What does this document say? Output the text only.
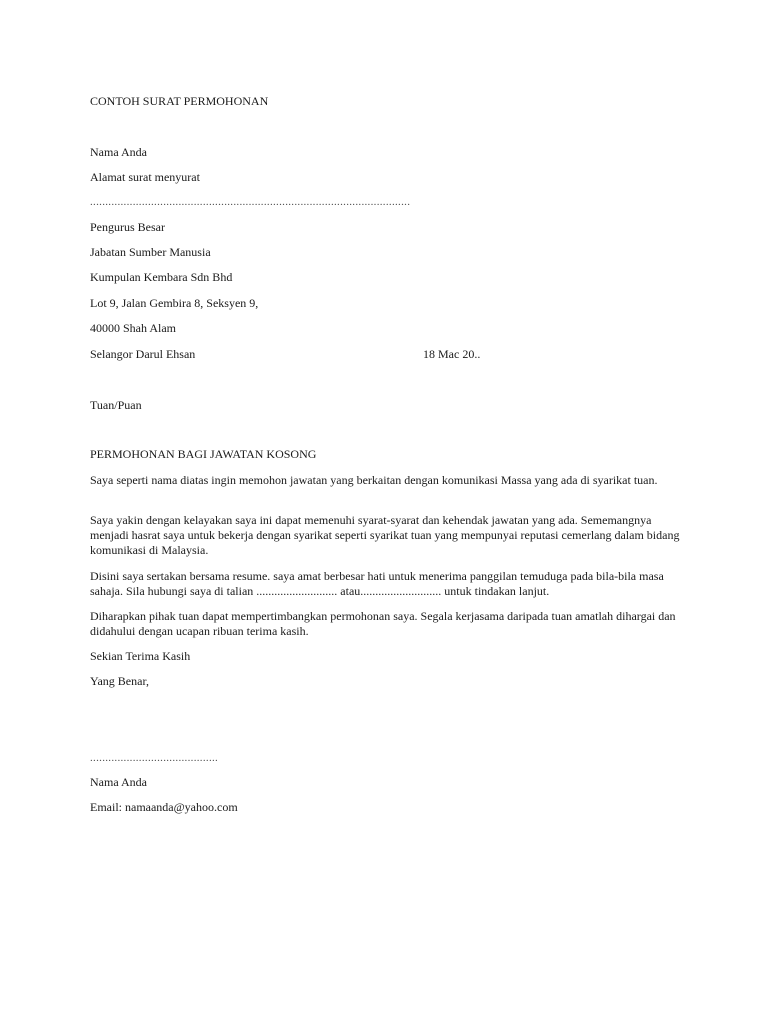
CONTOH SURAT PERMOHONAN
Nama Anda
Alamat surat menyurat
.........................................................................................................
Pengurus Besar
Jabatan Sumber Manusia
Kumpulan Kembara Sdn Bhd
Lot 9, Jalan Gembira 8, Seksyen 9,
40000 Shah Alam
Selangor Darul Ehsan	18 Mac 20..
Tuan/Puan
PERMOHONAN BAGI JAWATAN KOSONG
Saya seperti nama diatas ingin memohon jawatan yang berkaitan dengan komunikasi Massa yang ada di syarikat tuan.
Saya yakin dengan kelayakan saya ini dapat memenuhi syarat-syarat dan kehendak jawatan yang ada. Sememangnya menjadi hasrat saya untuk bekerja dengan syarikat seperti syarikat tuan yang mempunyai reputasi cemerlang dalam bidang komunikasi di Malaysia.
Disini saya sertakan bersama resume. saya amat berbesar hati untuk menerima panggilan temuduga pada bila-bila masa sahaja. Sila hubungi saya di talian ........................... atau........................... untuk tindakan lanjut.
Diharapkan pihak tuan dapat mempertimbangkan permohonan saya. Segala kerjasama daripada tuan amatlah dihargai dan didahului dengan ucapan ribuan terima kasih.
Sekian Terima Kasih
Yang Benar,
..........................................
Nama Anda
Email: namaanda@yahoo.com
